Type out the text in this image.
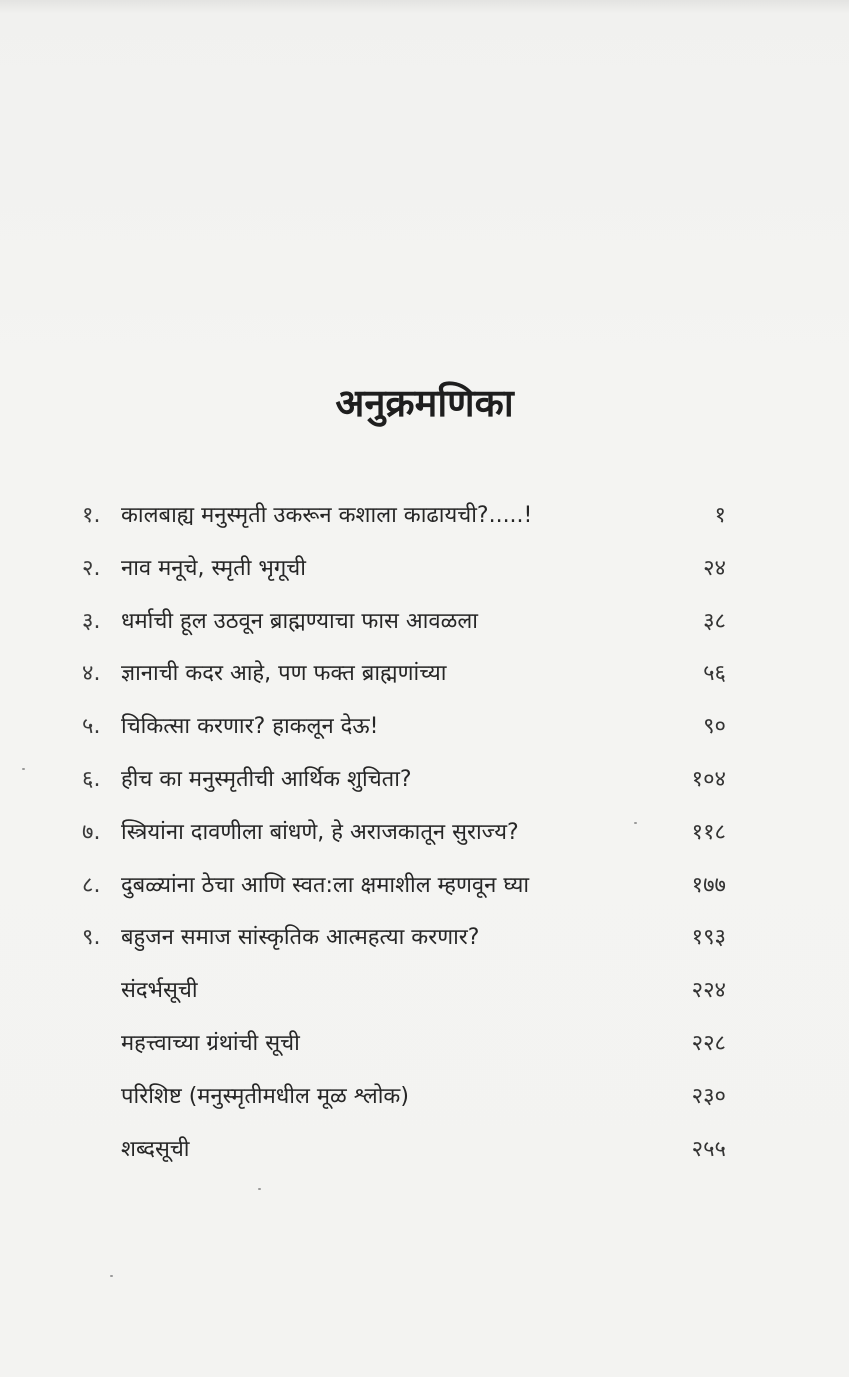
अनुक्रमणिका
१. कालबाह्य मनुस्मृती उकरून कशाला काढायची?.....!	१
२. नाव मनूचे, स्मृती भृगूची	२४
३. धर्माची हूल उठवून ब्राह्मण्याचा फास आवळला	३८
४. ज्ञानाची कदर आहे, पण फक्त ब्राह्मणांच्या	५६
५. चिकित्सा करणार? हाकलून देऊ!	९०
६. हीच का मनुस्मृतीची आर्थिक शुचिता?	१०४
७. स्त्रियांना दावणीला बांधणे, हे अराजकातून सुराज्य?	११८
८. दुबळ्यांना ठेचा आणि स्वत:ला क्षमाशील म्हणवून घ्या	१७७
९. बहुजन समाज सांस्कृतिक आत्महत्या करणार?	१९३
संदर्भसूची	२२४
महत्त्वाच्या ग्रंथांची सूची	२२८
परिशिष्ट (मनुस्मृतीमधील मूळ श्लोक)	२३०
शब्दसूची	२५५
